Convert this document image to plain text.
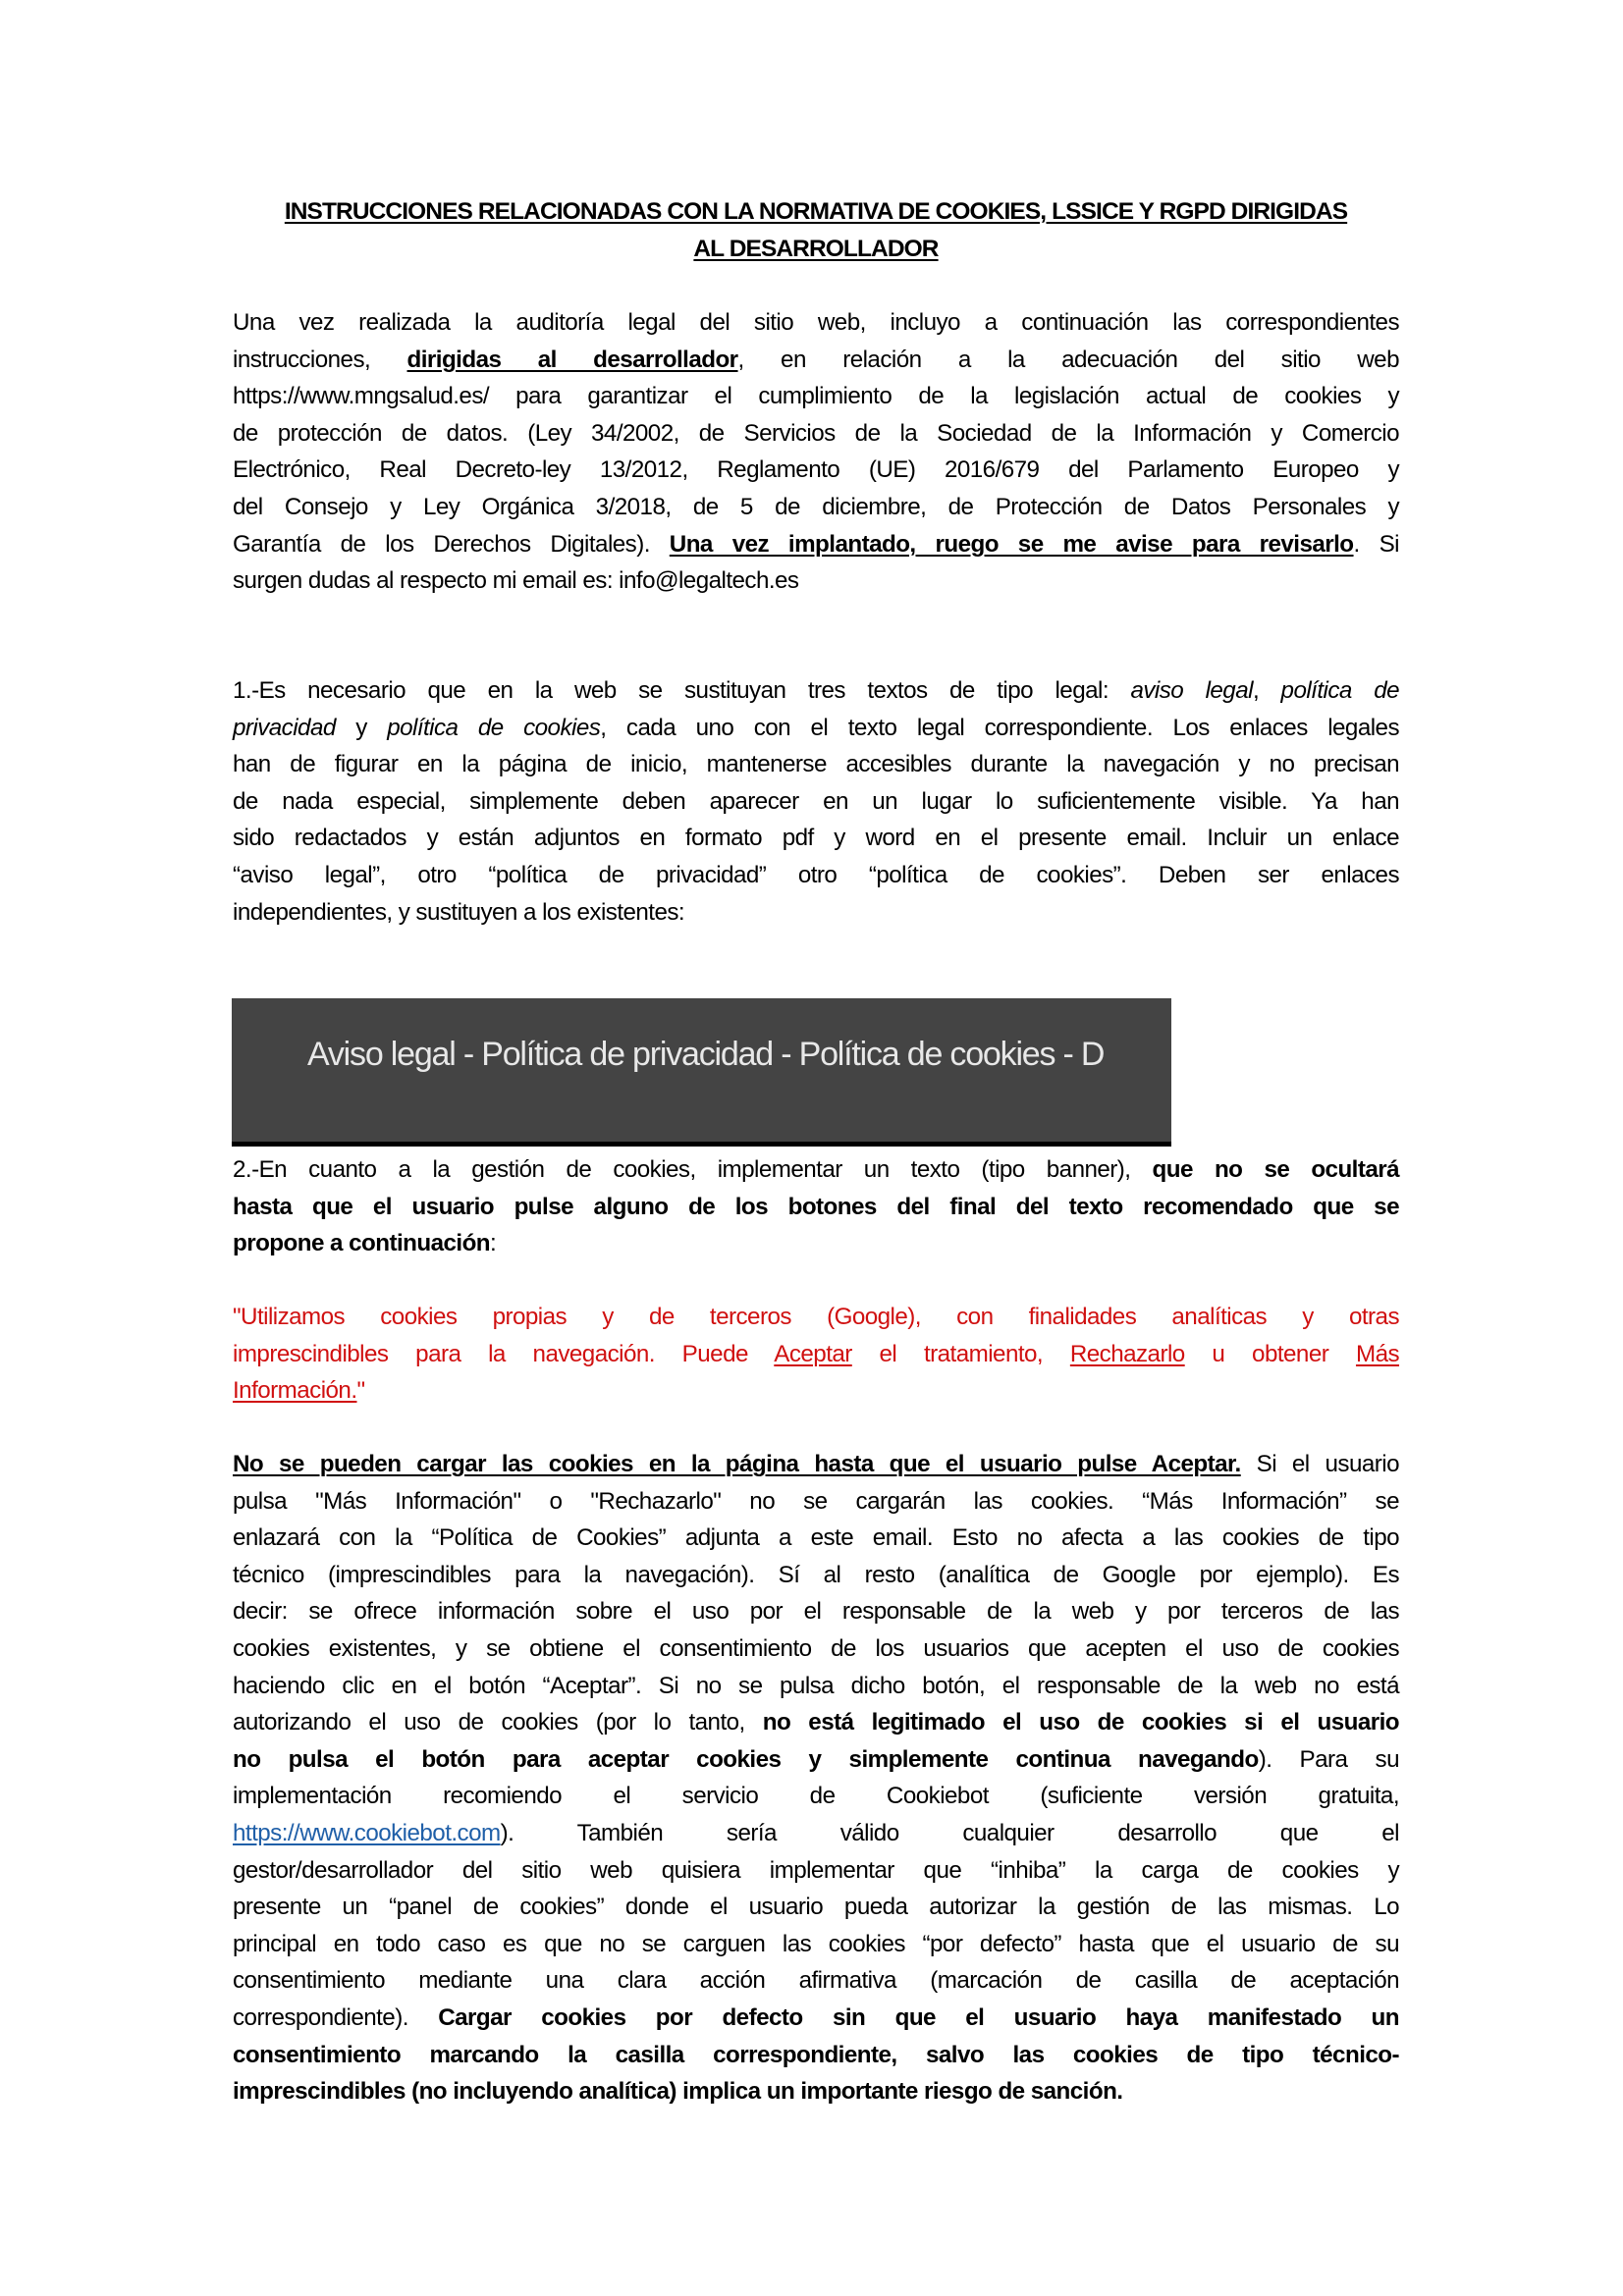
INSTRUCCIONES RELACIONADAS CON LA NORMATIVA DE COOKIES, LSSICE Y RGPD DIRIGIDAS
AL DESARROLLADOR
Una vez realizada la auditoría legal del sitio web, incluyo a continuación las correspondientes
instrucciones, dirigidas al desarrollador, en relación a la adecuación del sitio web
https://www.mngsalud.es/ para garantizar el cumplimiento de la legislación actual de cookies y
de protección de datos. (Ley 34/2002, de Servicios de la Sociedad de la Información y Comercio
Electrónico, Real Decreto-ley 13/2012, Reglamento (UE) 2016/679 del Parlamento Europeo y
del Consejo y Ley Orgánica 3/2018, de 5 de diciembre, de Protección de Datos Personales y
Garantía de los Derechos Digitales). Una vez implantado, ruego se me avise para revisarlo. Si
surgen dudas al respecto mi email es: info@legaltech.es
1.-Es necesario que en la web se sustituyan tres textos de tipo legal: aviso legal, política de
privacidad y política de cookies, cada uno con el texto legal correspondiente. Los enlaces legales
han de figurar en la página de inicio, mantenerse accesibles durante la navegación y no precisan
de nada especial, simplemente deben aparecer en un lugar lo suficientemente visible. Ya han
sido redactados y están adjuntos en formato pdf y word en el presente email. Incluir un enlace
“aviso legal”, otro “política de privacidad” otro “política de cookies”. Deben ser enlaces
independientes, y sustituyen a los existentes:
Aviso legal - Política de privacidad - Política de cookies - D
2.-En cuanto a la gestión de cookies, implementar un texto (tipo banner), que no se ocultará
hasta que el usuario pulse alguno de los botones del final del texto recomendado que se
propone a continuación:
"Utilizamos cookies propias y de terceros (Google), con finalidades analíticas y otras
imprescindibles para la navegación. Puede Aceptar el tratamiento, Rechazarlo u obtener Más
Información."
No se pueden cargar las cookies en la página hasta que el usuario pulse Aceptar. Si el usuario
pulsa "Más Información" o "Rechazarlo" no se cargarán las cookies. “Más Información” se
enlazará con la “Política de Cookies” adjunta a este email. Esto no afecta a las cookies de tipo
técnico (imprescindibles para la navegación). Sí al resto (analítica de Google por ejemplo). Es
decir: se ofrece información sobre el uso por el responsable de la web y por terceros de las
cookies existentes, y se obtiene el consentimiento de los usuarios que acepten el uso de cookies
haciendo clic en el botón “Aceptar”. Si no se pulsa dicho botón, el responsable de la web no está
autorizando el uso de cookies (por lo tanto, no está legitimado el uso de cookies si el usuario
no pulsa el botón para aceptar cookies y simplemente continua navegando). Para su
implementación recomiendo el servicio de Cookiebot (suficiente versión gratuita,
https://www.cookiebot.com). También sería válido cualquier desarrollo que el
gestor/desarrollador del sitio web quisiera implementar que “inhiba” la carga de cookies y
presente un “panel de cookies” donde el usuario pueda autorizar la gestión de las mismas. Lo
principal en todo caso es que no se carguen las cookies “por defecto” hasta que el usuario de su
consentimiento mediante una clara acción afirmativa (marcación de casilla de aceptación
correspondiente). Cargar cookies por defecto sin que el usuario haya manifestado un
consentimiento marcando la casilla correspondiente, salvo las cookies de tipo técnico-
imprescindibles (no incluyendo analítica) implica un importante riesgo de sanción.
